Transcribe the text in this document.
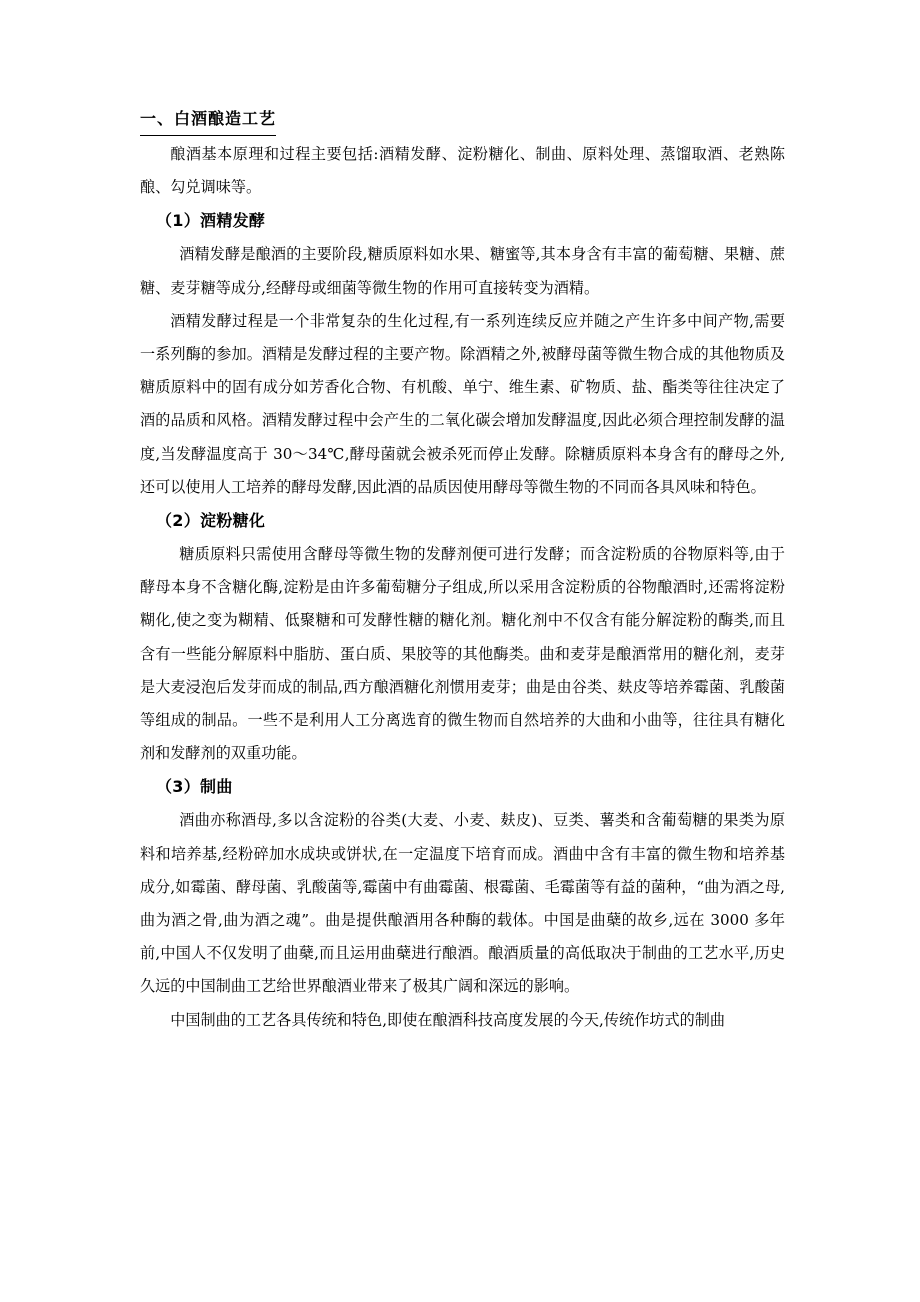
一、白酒酿造工艺

酿酒基本原理和过程主要包括:酒精发酵、淀粉糖化、制曲、原料处理、蒸馏取酒、老熟陈酿、勾兑调味等。

（1）酒精发酵

酒精发酵是酿酒的主要阶段,糖质原料如水果、糖蜜等,其本身含有丰富的葡萄糖、果糖、蔗糖、麦芽糖等成分,经酵母或细菌等微生物的作用可直接转变为酒精。

酒精发酵过程是一个非常复杂的生化过程,有一系列连续反应并随之产生许多中间产物,需要一系列酶的参加。酒精是发酵过程的主要产物。除酒精之外,被酵母菌等微生物合成的其他物质及糖质原料中的固有成分如芳香化合物、有机酸、单宁、维生素、矿物质、盐、酯类等往往决定了酒的品质和风格。酒精发酵过程中会产生的二氧化碳会增加发酵温度,因此必须合理控制发酵的温度,当发酵温度高于 30～34℃,酵母菌就会被杀死而停止发酵。除糖质原料本身含有的酵母之外,还可以使用人工培养的酵母发酵,因此酒的品质因使用酵母等微生物的不同而各具风味和特色。

（2）淀粉糖化

糖质原料只需使用含酵母等微生物的发酵剂便可进行发酵；而含淀粉质的谷物原料等,由于酵母本身不含糖化酶,淀粉是由许多葡萄糖分子组成,所以采用含淀粉质的谷物酿酒时,还需将淀粉糊化,使之变为糊精、低聚糖和可发酵性糖的糖化剂。糖化剂中不仅含有能分解淀粉的酶类,而且含有一些能分解原料中脂肪、蛋白质、果胶等的其他酶类。曲和麦芽是酿酒常用的糖化剂，麦芽是大麦浸泡后发芽而成的制品,西方酿酒糖化剂惯用麦芽；曲是由谷类、麸皮等培养霉菌、乳酸菌等组成的制品。一些不是利用人工分离选育的微生物而自然培养的大曲和小曲等，往往具有糖化剂和发酵剂的双重功能。

（3）制曲

酒曲亦称酒母,多以含淀粉的谷类(大麦、小麦、麸皮)、豆类、薯类和含葡萄糖的果类为原料和培养基,经粉碎加水成块或饼状,在一定温度下培育而成。酒曲中含有丰富的微生物和培养基成分,如霉菌、酵母菌、乳酸菌等,霉菌中有曲霉菌、根霉菌、毛霉菌等有益的菌种，“曲为酒之母,曲为酒之骨,曲为酒之魂”。曲是提供酿酒用各种酶的载体。中国是曲蘖的故乡,远在 3000 多年前,中国人不仅发明了曲蘖,而且运用曲蘖进行酿酒。酿酒质量的高低取决于制曲的工艺水平,历史久远的中国制曲工艺给世界酿酒业带来了极其广阔和深远的影响。

中国制曲的工艺各具传统和特色,即使在酿酒科技高度发展的今天,传统作坊式的制曲
